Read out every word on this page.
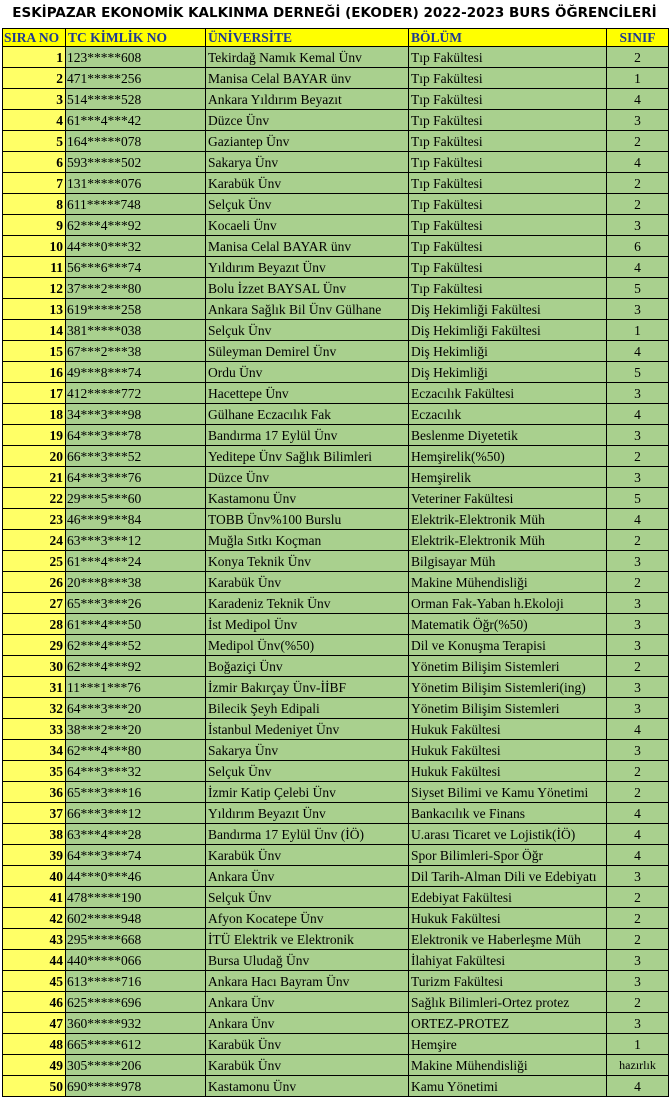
ESKİPAZAR EKONOMİK KALKINMA DERNEĞİ (EKODER) 2022-2023 BURS ÖĞRENCİLERİ
SIRA NO	TC KİMLİK NO	ÜNİVERSİTE	BÖLÜM	SINIF
1	123*****608	Tekirdağ Namık Kemal Ünv	Tıp Fakültesi	2
2	471*****256	Manisa Celal BAYAR ünv	Tıp Fakültesi	1
3	514*****528	Ankara Yıldırım Beyazıt	Tıp Fakültesi	4
4	61***4***42	Düzce Ünv	Tıp Fakültesi	3
5	164*****078	Gaziantep Ünv	Tıp Fakültesi	2
6	593*****502	Sakarya Ünv	Tıp Fakültesi	4
7	131*****076	Karabük Ünv	Tıp Fakültesi	2
8	611*****748	Selçuk Ünv	Tıp Fakültesi	2
9	62***4***92	Kocaeli Ünv	Tıp Fakültesi	3
10	44***0***32	Manisa Celal BAYAR ünv	Tıp Fakültesi	6
11	56***6***74	Yıldırım Beyazıt Ünv	Tıp Fakültesi	4
12	37***2***80	Bolu İzzet BAYSAL Ünv	Tıp Fakültesi	5
13	619*****258	Ankara Sağlık Bil Ünv Gülhane	Diş Hekimliği Fakültesi	3
14	381*****038	Selçuk Ünv	Diş Hekimliği Fakültesi	1
15	67***2***38	Süleyman Demirel Ünv	Diş Hekimliği	4
16	49***8***74	Ordu Ünv	Diş Hekimliği	5
17	412*****772	Hacettepe Ünv	Eczacılık Fakültesi	3
18	34***3***98	Gülhane Eczacılık Fak	Eczacılık	4
19	64***3***78	Bandırma 17 Eylül Ünv	Beslenme Diyetetik	3
20	66***3***52	Yeditepe Ünv Sağlık Bilimleri	Hemşirelik(%50)	2
21	64***3***76	Düzce Ünv	Hemşirelik	3
22	29***5***60	Kastamonu Ünv	Veteriner Fakültesi	5
23	46***9***84	TOBB Ünv%100 Burslu	Elektrik-Elektronik Müh	4
24	63***3***12	Muğla Sıtkı Koçman	Elektrik-Elektronik Müh	2
25	61***4***24	Konya Teknik Ünv	Bilgisayar Müh	3
26	20***8***38	Karabük Ünv	Makine Mühendisliği	2
27	65***3***26	Karadeniz Teknik Ünv	Orman Fak-Yaban h.Ekoloji	3
28	61***4***50	İst Medipol Ünv	Matematik Öğr(%50)	3
29	62***4***52	Medipol Ünv(%50)	Dil ve Konuşma Terapisi	3
30	62***4***92	Boğaziçi Ünv	Yönetim Bilişim Sistemleri	2
31	11***1***76	İzmir Bakırçay Ünv-İİBF	Yönetim Bilişim Sistemleri(ing)	3
32	64***3***20	Bilecik Şeyh Edipali	Yönetim Bilişim Sistemleri	3
33	38***2***20	İstanbul Medeniyet Ünv	Hukuk Fakültesi	4
34	62***4***80	Sakarya Ünv	Hukuk Fakültesi	3
35	64***3***32	Selçuk Ünv	Hukuk Fakültesi	2
36	65***3***16	İzmir Katip Çelebi Ünv	Siyset Bilimi ve Kamu Yönetimi	2
37	66***3***12	Yıldırım Beyazıt Ünv	Bankacılık ve Finans	4
38	63***4***28	Bandırma 17 Eylül Ünv (İÖ)	U.arası Ticaret ve Lojistik(İÖ)	4
39	64***3***74	Karabük Ünv	Spor Bilimleri-Spor Öğr	4
40	44***0***46	Ankara Ünv	Dil Tarih-Alman Dili ve Edebiyatı	3
41	478*****190	Selçuk Ünv	Edebiyat Fakültesi	2
42	602*****948	Afyon Kocatepe Ünv	Hukuk Fakültesi	2
43	295*****668	İTÜ Elektrik ve Elektronik	Elektronik ve Haberleşme Müh	2
44	440*****066	Bursa Uludağ Ünv	İlahiyat Fakültesi	3
45	613*****716	Ankara Hacı Bayram Ünv	Turizm Fakültesi	3
46	625*****696	Ankara Ünv	Sağlık Bilimleri-Ortez protez	2
47	360*****932	Ankara Ünv	ORTEZ-PROTEZ	3
48	665*****612	Karabük Ünv	Hemşire	1
49	305*****206	Karabük Ünv	Makine Mühendisliği	hazırlık
50	690*****978	Kastamonu Ünv	Kamu Yönetimi	4
